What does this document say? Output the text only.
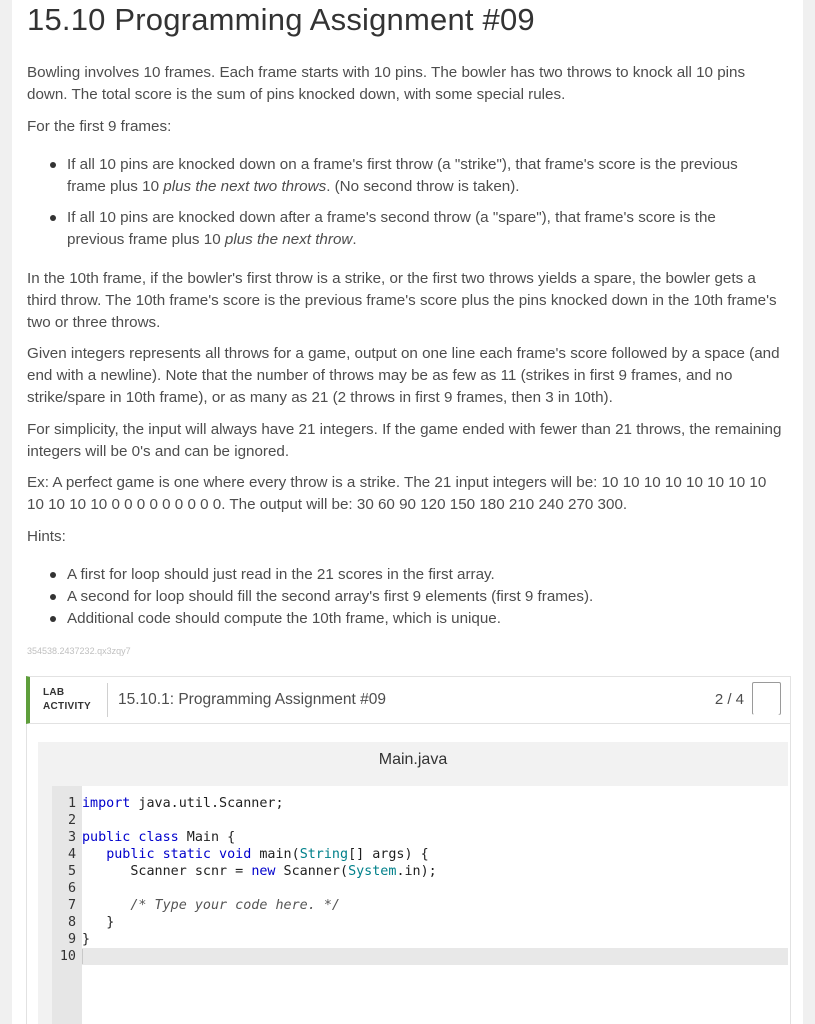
15.10 Programming Assignment #09

Bowling involves 10 frames. Each frame starts with 10 pins. The bowler has two throws to knock all 10 pins down. The total score is the sum of pins knocked down, with some special rules.

For the first 9 frames:

If all 10 pins are knocked down on a frame's first throw (a "strike"), that frame's score is the previous frame plus 10 plus the next two throws. (No second throw is taken).
If all 10 pins are knocked down after a frame's second throw (a "spare"), that frame's score is the previous frame plus 10 plus the next throw.

In the 10th frame, if the bowler's first throw is a strike, or the first two throws yields a spare, the bowler gets a third throw. The 10th frame's score is the previous frame's score plus the pins knocked down in the 10th frame's two or three throws.

Given integers represents all throws for a game, output on one line each frame's score followed by a space (and end with a newline). Note that the number of throws may be as few as 11 (strikes in first 9 frames, and no strike/spare in 10th frame), or as many as 21 (2 throws in first 9 frames, then 3 in 10th).

For simplicity, the input will always have 21 integers. If the game ended with fewer than 21 throws, the remaining integers will be 0's and can be ignored.

Ex: A perfect game is one where every throw is a strike. The 21 input integers will be: 10 10 10 10 10 10 10 10 10 10 10 10 0 0 0 0 0 0 0 0 0. The output will be: 30 60 90 120 150 180 210 240 270 300.

Hints:

A first for loop should just read in the 21 scores in the first array.
A second for loop should fill the second array's first 9 elements (first 9 frames).
Additional code should compute the 10th frame, which is unique.
354538.2437232.qx3zqy7
LAB
ACTIVITY 15.10.1: Programming Assignment #09	2 / 4
Main.java
1 import java.util.Scanner;
2
3 public class Main {
4 public static void main(String[] args) {
5	Scanner scnr = new Scanner(System.in);
6
7	/* Type your code here. */
8 }
9 }
10
